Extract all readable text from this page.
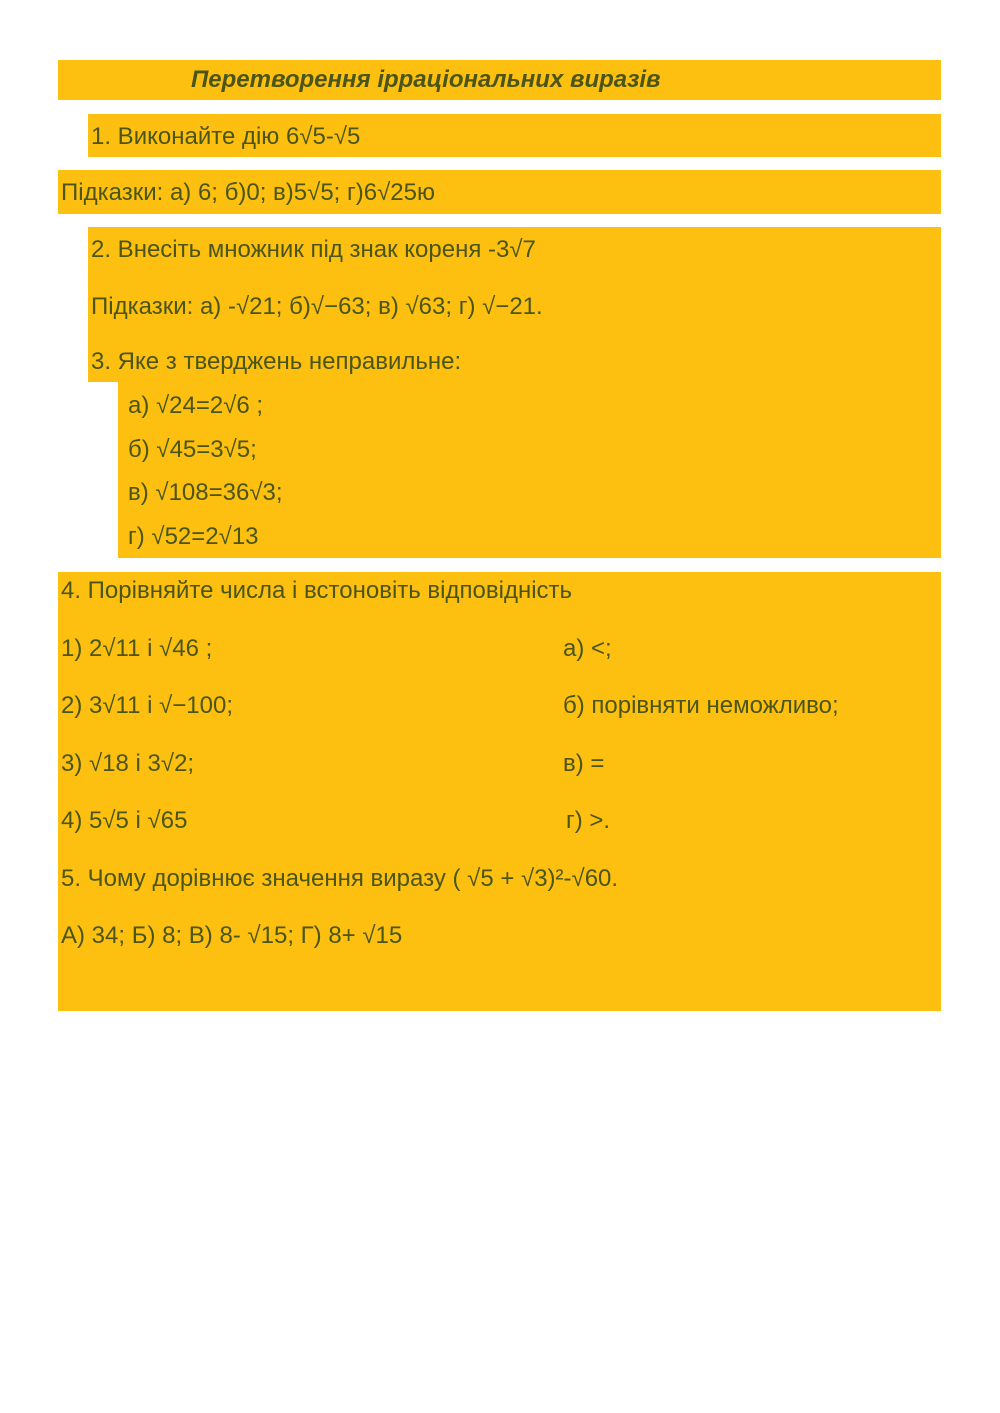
Перетворення ірраціональних виразів
1. Виконайте дію 6√5-√5
Підказки: а) 6; б)0; в)5√5; г)6√25ю
2. Внесіть множник під знак кореня -3√7
Підказки: а) -√21; б)√−63; в) √63; г) √−21.
3. Яке з тверджень неправильне:
а) √24=2√6 ;
б) √45=3√5;
в) √108=36√3;
г) √52=2√13
4. Порівняйте числа і встоновіть відповідність
1) 2√11 і √46 ;	а) <;
2) 3√11 і √−100;	б) порівняти неможливо;
3) √18 і 3√2;	в) =
4) 5√5 і √65	г) >.
5. Чому дорівнює значення виразу ( √5 + √3)²-√60.
А) 34; Б) 8; В) 8- √15; Г) 8+ √15
